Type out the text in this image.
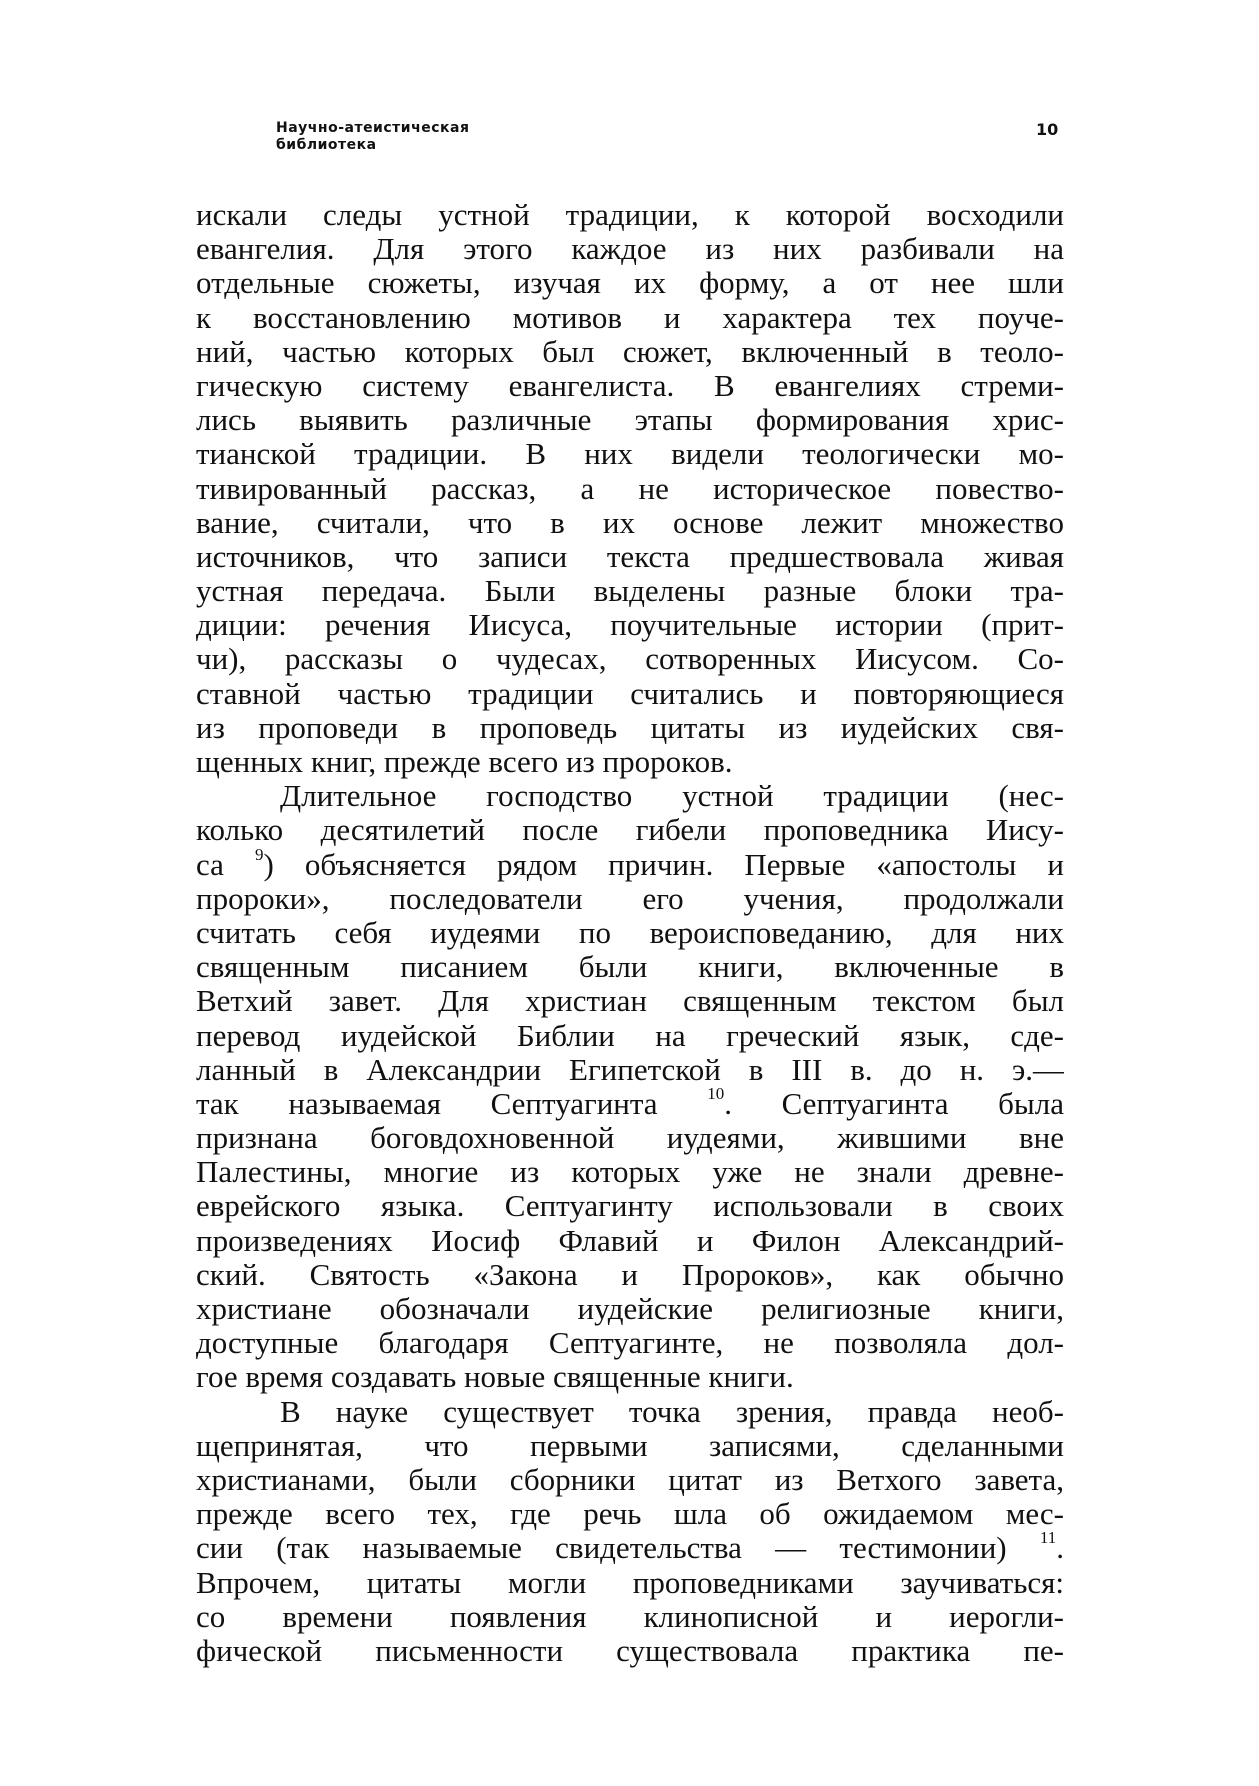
Научно-атеистическая
библиотека
10
искали следы устной традиции, к которой восходили
евангелия. Для этого каждое из них разбивали на
отдельные сюжеты, изучая их форму, а от нее шли
к восстановлению мотивов и характера тех поуче-
ний, частью которых был сюжет, включенный в теоло-
гическую систему евангелиста. В евангелиях стреми-
лись выявить различные этапы формирования хрис-
тианской традиции. В них видели теологически мо-
тивированный рассказ, а не историческое повество-
вание, считали, что в их основе лежит множество
источников, что записи текста предшествовала живая
устная передача. Были выделены разные блоки тра-
диции: речения Иисуса, поучительные истории (прит-
чи), рассказы о чудесах, сотворенных Иисусом. Со-
ставной частью традиции считались и повторяющиеся
из проповеди в проповедь цитаты из иудейских свя-
щенных книг, прежде всего из пророков.
Длительное господство устной традиции (нес-
колько десятилетий после гибели проповедника Иису-
са $^9$) объясняется рядом причин. Первые «апостолы и
пророки», последователи его учения, продолжали
считать себя иудеями по вероисповеданию, для них
священным писанием были книги, включенные в
Ветхий завет. Для христиан священным текстом был
перевод иудейской Библии на греческий язык, сде-
ланный в Александрии Египетской в III в. до н. э.—
так называемая Септуагинта $^{10}$. Септуагинта была
признана боговдохновенной иудеями, жившими вне
Палестины, многие из которых уже не знали древне-
еврейского языка. Септуагинту использовали в своих
произведениях Иосиф Флавий и Филон Александрий-
ский. Святость «Закона и Пророков», как обычно
христиане обозначали иудейские религиозные книги,
доступные благодаря Септуагинте, не позволяла дол-
гое время создавать новые священные книги.
В науке существует точка зрения, правда необ-
щепринятая, что первыми записями, сделанными
христианами, были сборники цитат из Ветхого завета,
прежде всего тех, где речь шла об ожидаемом мес-
сии (так называемые свидетельства — тестимонии) $^{11}$.
Впрочем, цитаты могли проповедниками заучиваться:
со времени появления клинописной и иерогли-
фической письменности существовала практика пе-
